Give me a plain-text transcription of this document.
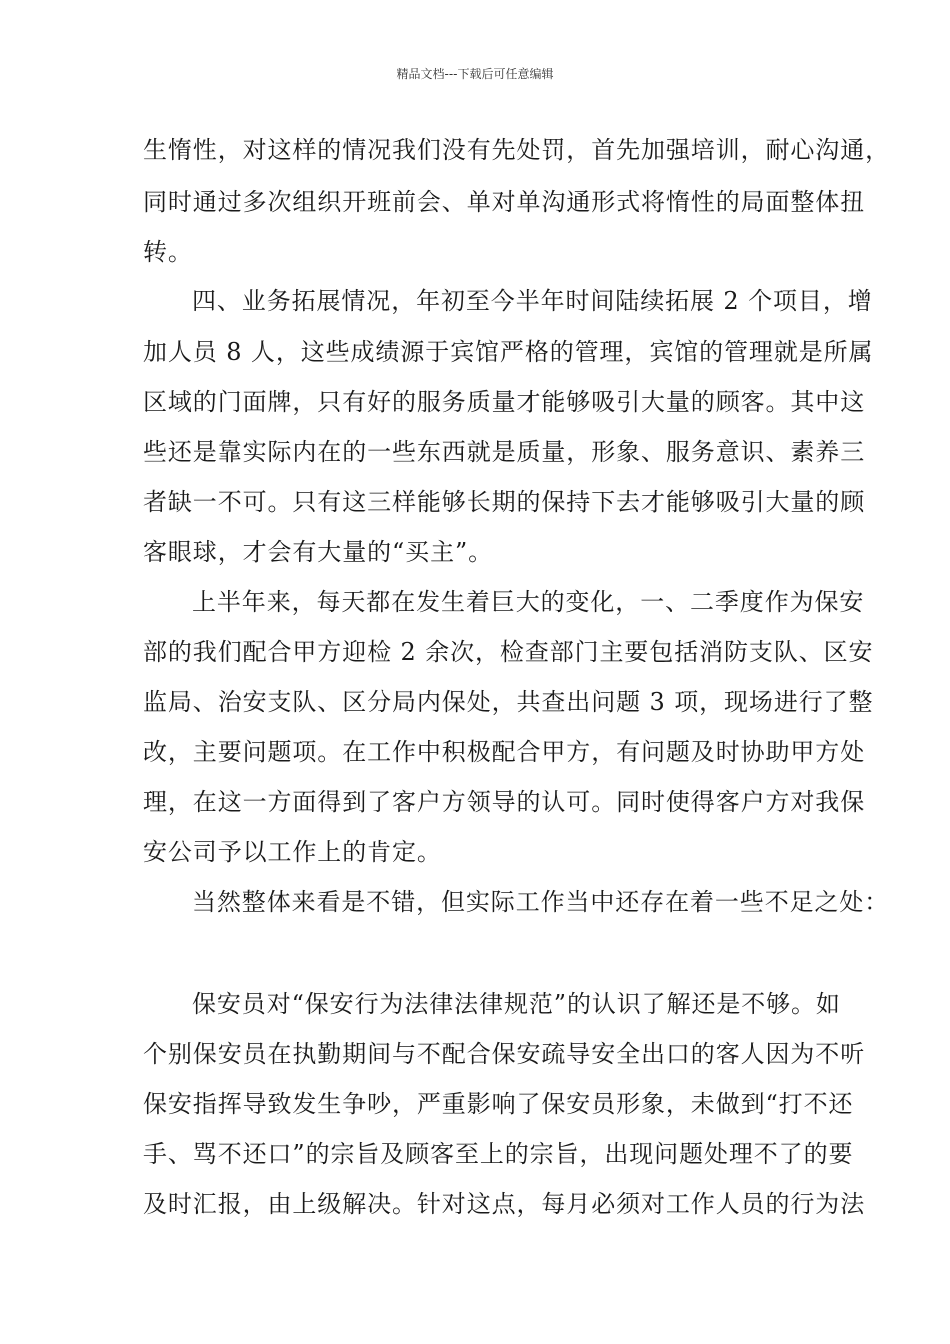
精品文档---下载后可任意编辑
生惰性，对这样的情况我们没有先处罚，首先加强培训，耐心沟通，
同时通过多次组织开班前会、单对单沟通形式将惰性的局面整体扭
转。
四、业务拓展情况，年初至今半年时间陆续拓展 2 个项目，增
加人员 8 人，这些成绩源于宾馆严格的管理，宾馆的管理就是所属
区域的门面牌，只有好的服务质量才能够吸引大量的顾客。其中这
些还是靠实际内在的一些东西就是质量，形象、服务意识、素养三
者缺一不可。只有这三样能够长期的保持下去才能够吸引大量的顾
客眼球，才会有大量的“买主”。
上半年来，每天都在发生着巨大的变化，一、二季度作为保安
部的我们配合甲方迎检 2 余次，检查部门主要包括消防支队、区安
监局、治安支队、区分局内保处，共查出问题 3 项，现场进行了整
改，主要问题项。在工作中积极配合甲方，有问题及时协助甲方处
理，在这一方面得到了客户方领导的认可。同时使得客户方对我保
安公司予以工作上的肯定。
当然整体来看是不错，但实际工作当中还存在着一些不足之处：
保安员对“保安行为法律法律规范”的认识了解还是不够。如
个别保安员在执勤期间与不配合保安疏导安全出口的客人因为不听
保安指挥导致发生争吵，严重影响了保安员形象，未做到“打不还
手、骂不还口”的宗旨及顾客至上的宗旨，出现问题处理不了的要
及时汇报，由上级解决。针对这点，每月必须对工作人员的行为法
